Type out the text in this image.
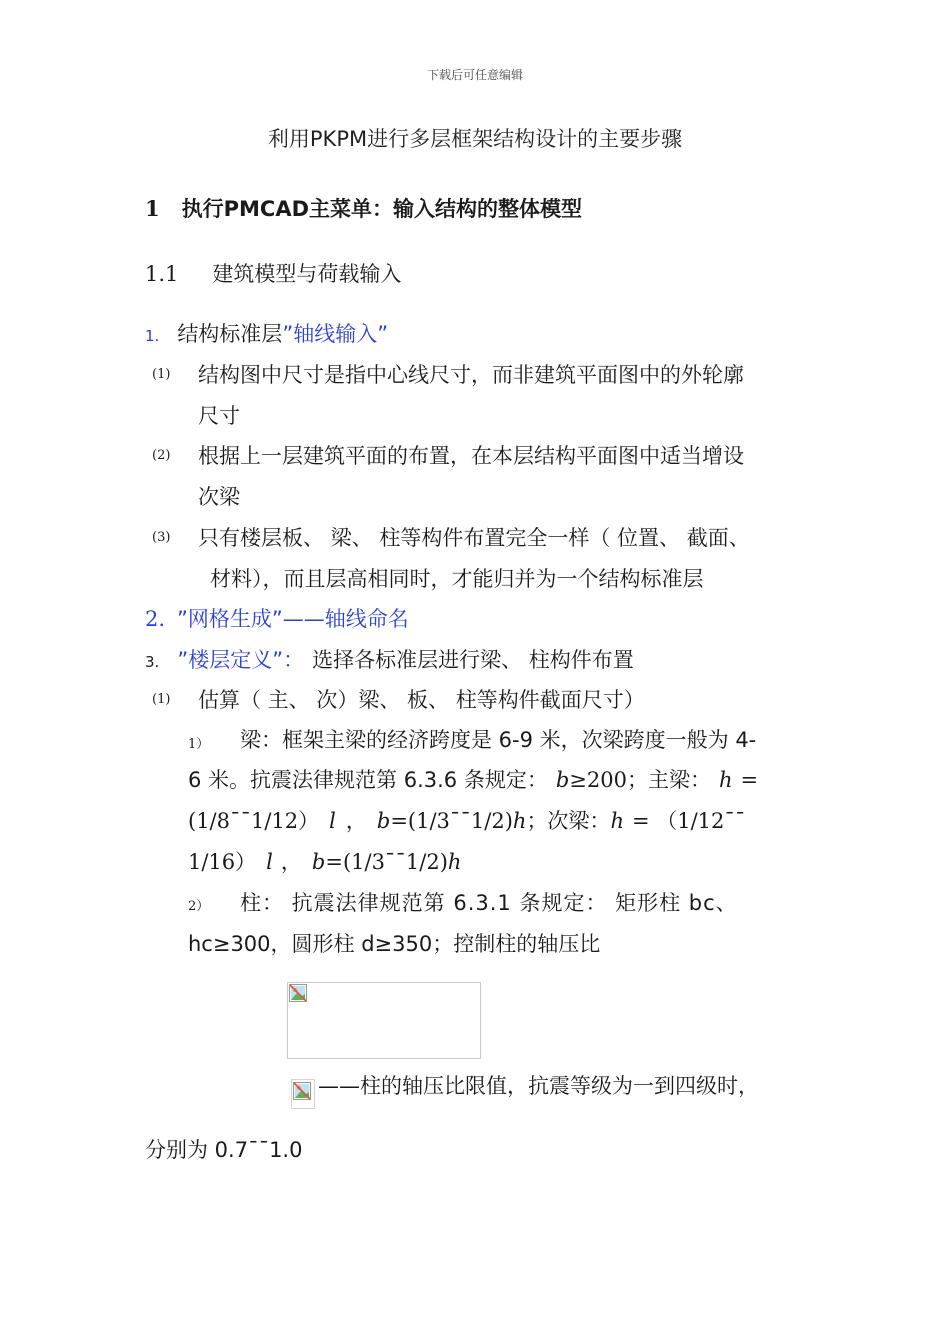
下载后可任意编辑
利用PKPM进行多层框架结构设计的主要步骤
1 执行PMCAD主菜单：输入结构的整体模型
1.1 建筑模型与荷载输入
1. 结构标准层”轴线输入”
(1) 结构图中尺寸是指中心线尺寸，而非建筑平面图中的外轮廓
尺寸
(2) 根据上一层建筑平面的布置，在本层结构平面图中适当增设
次梁
(3) 只有楼层板、 梁、 柱等构件布置完全一样（ 位置、 截面、
材料），而且层高相同时，才能归并为一个结构标准层
2. ”网格生成”——轴线命名
3. ”楼层定义”： 选择各标准层进行梁、 柱构件布置
(1) 估算（ 主、 次）梁、 板、 柱等构件截面尺寸）
1） 梁：框架主梁的经济跨度是 6-9 米，次梁跨度一般为 4-
6 米。抗震法律规范第 6.3.6 条规定： b≥200；主梁： h =
(1/8¯¯1/12） l ， b=(1/3¯¯1/2)h；次梁：h = （1/12¯¯
1/16） l ， b=(1/3¯¯1/2)h
2） 柱： 抗震法律规范第 6.3.1 条规定： 矩形柱 bc、
hc≥300，圆形柱 d≥350；控制柱的轴压比
——柱的轴压比限值，抗震等级为一到四级时，
分别为 0.7¯¯1.0
